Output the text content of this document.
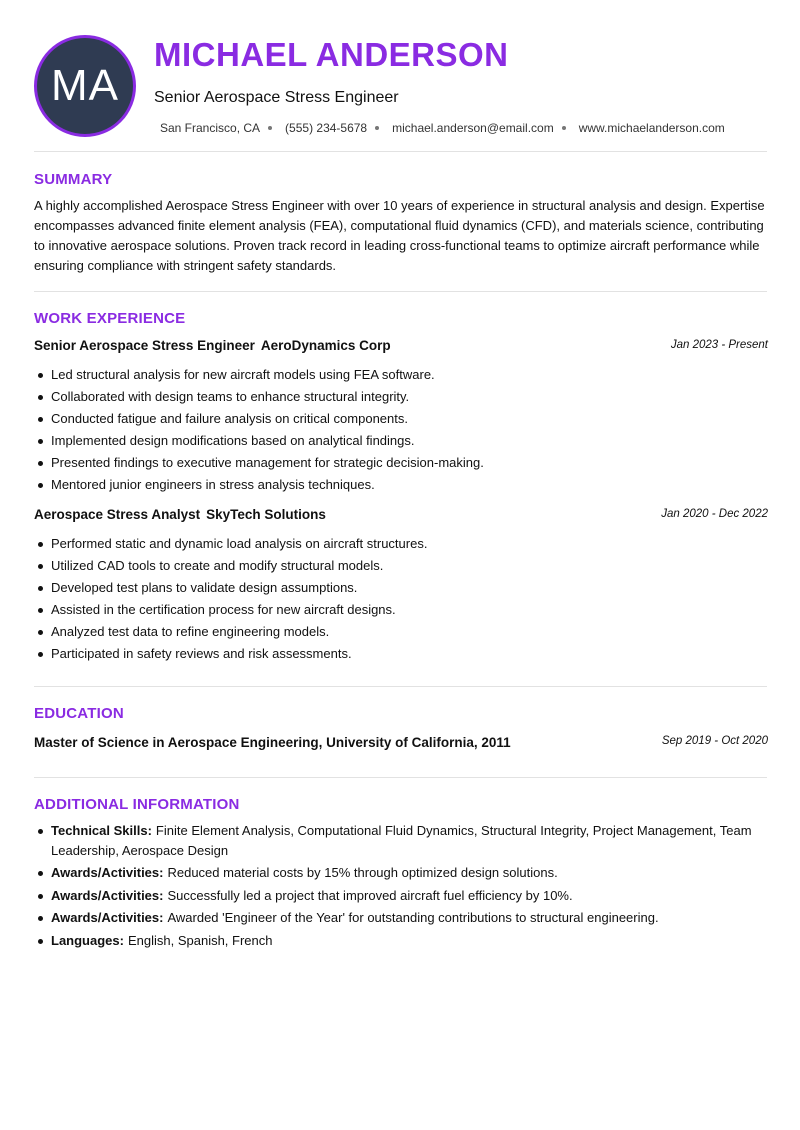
MA
MICHAEL ANDERSON
Senior Aerospace Stress Engineer
San Francisco, CA (555) 234-5678 michael.anderson@email.com www.michaelanderson.com
SUMMARY
A highly accomplished Aerospace Stress Engineer with over 10 years of experience in structural analysis and design. Expertise encompasses advanced finite element analysis (FEA), computational fluid dynamics (CFD), and materials science, contributing to innovative aerospace solutions. Proven track record in leading cross-functional teams to optimize aircraft performance while ensuring compliance with stringent safety standards.
WORK EXPERIENCE
Senior Aerospace Stress Engineer AeroDynamics Corp	Jan 2023 - Present
Led structural analysis for new aircraft models using FEA software.
Collaborated with design teams to enhance structural integrity.
Conducted fatigue and failure analysis on critical components.
Implemented design modifications based on analytical findings.
Presented findings to executive management for strategic decision-making.
Mentored junior engineers in stress analysis techniques.
Aerospace Stress Analyst SkyTech Solutions	Jan 2020 - Dec 2022
Performed static and dynamic load analysis on aircraft structures.
Utilized CAD tools to create and modify structural models.
Developed test plans to validate design assumptions.
Assisted in the certification process for new aircraft designs.
Analyzed test data to refine engineering models.
Participated in safety reviews and risk assessments.
EDUCATION
Master of Science in Aerospace Engineering, University of California, 2011	Sep 2019 - Oct 2020
ADDITIONAL INFORMATION
Technical Skills: Finite Element Analysis, Computational Fluid Dynamics, Structural Integrity, Project Management, Team Leadership, Aerospace Design
Awards/Activities: Reduced material costs by 15% through optimized design solutions.
Awards/Activities: Successfully led a project that improved aircraft fuel efficiency by 10%.
Awards/Activities: Awarded 'Engineer of the Year' for outstanding contributions to structural engineering.
Languages: English, Spanish, French
